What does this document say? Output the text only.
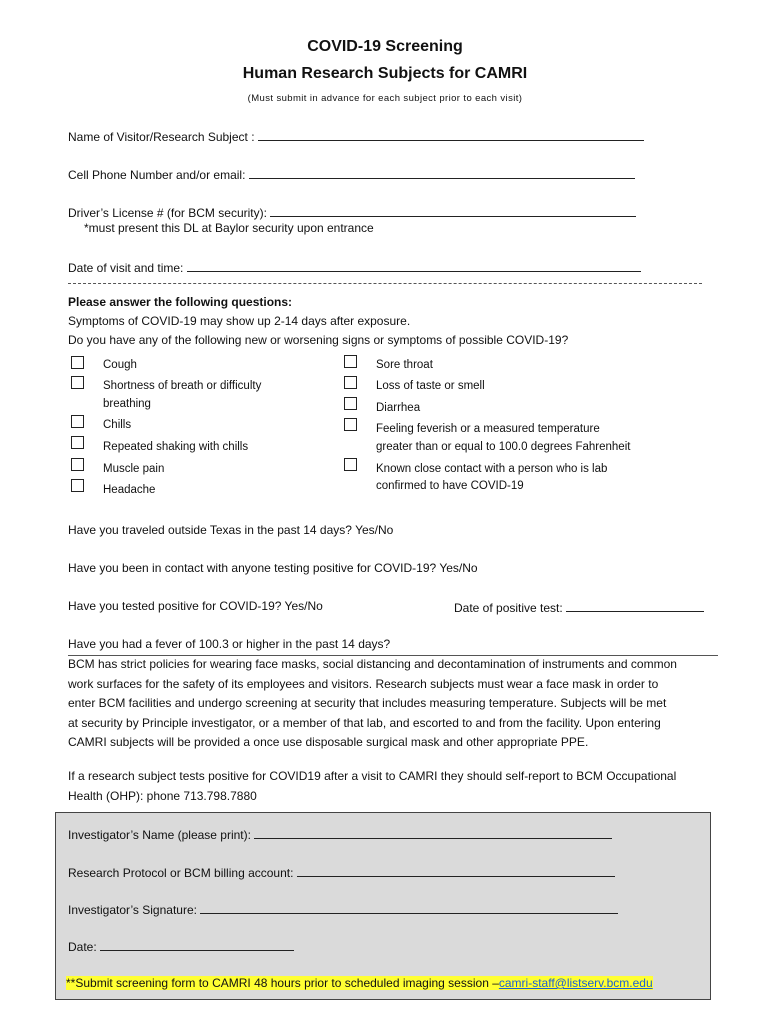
COVID-19 Screening
Human Research Subjects for CAMRI
(Must submit in advance for each subject prior to each visit)
Name of Visitor/Research Subject :
Cell Phone Number and/or email:
Driver’s License # (for BCM security):
*must present this DL at Baylor security upon entrance
Date of visit and time:
Please answer the following questions:
Symptoms of COVID-19 may show up 2-14 days after exposure.
Do you have any of the following new or worsening signs or symptoms of possible COVID-19?
Cough
Shortness of breath or difficulty
breathing
Chills
Repeated shaking with chills
Muscle pain
Headache
Sore throat
Loss of taste or smell
Diarrhea
Feeling feverish or a measured temperature
greater than or equal to 100.0 degrees Fahrenheit
Known close contact with a person who is lab
confirmed to have COVID-19
Have you traveled outside Texas in the past 14 days? Yes/No
Have you been in contact with anyone testing positive for COVID-19? Yes/No
Have you tested positive for COVID-19? Yes/No	Date of positive test:
Have you had a fever of 100.3 or higher in the past 14 days?
BCM has strict policies for wearing face masks, social distancing and decontamination of instruments and common
work surfaces for the safety of its employees and visitors. Research subjects must wear a face mask in order to
enter BCM facilities and undergo screening at security that includes measuring temperature. Subjects will be met
at security by Principle investigator, or a member of that lab, and escorted to and from the facility. Upon entering
CAMRI subjects will be provided a once use disposable surgical mask and other appropriate PPE.
If a research subject tests positive for COVID19 after a visit to CAMRI they should self-report to BCM Occupational
Health (OHP): phone 713.798.7880
Investigator’s Name (please print):
Research Protocol or BCM billing account:
Investigator’s Signature:
Date:
**Submit screening form to CAMRI 48 hours prior to scheduled imaging session –camri-staff@listserv.bcm.edu
